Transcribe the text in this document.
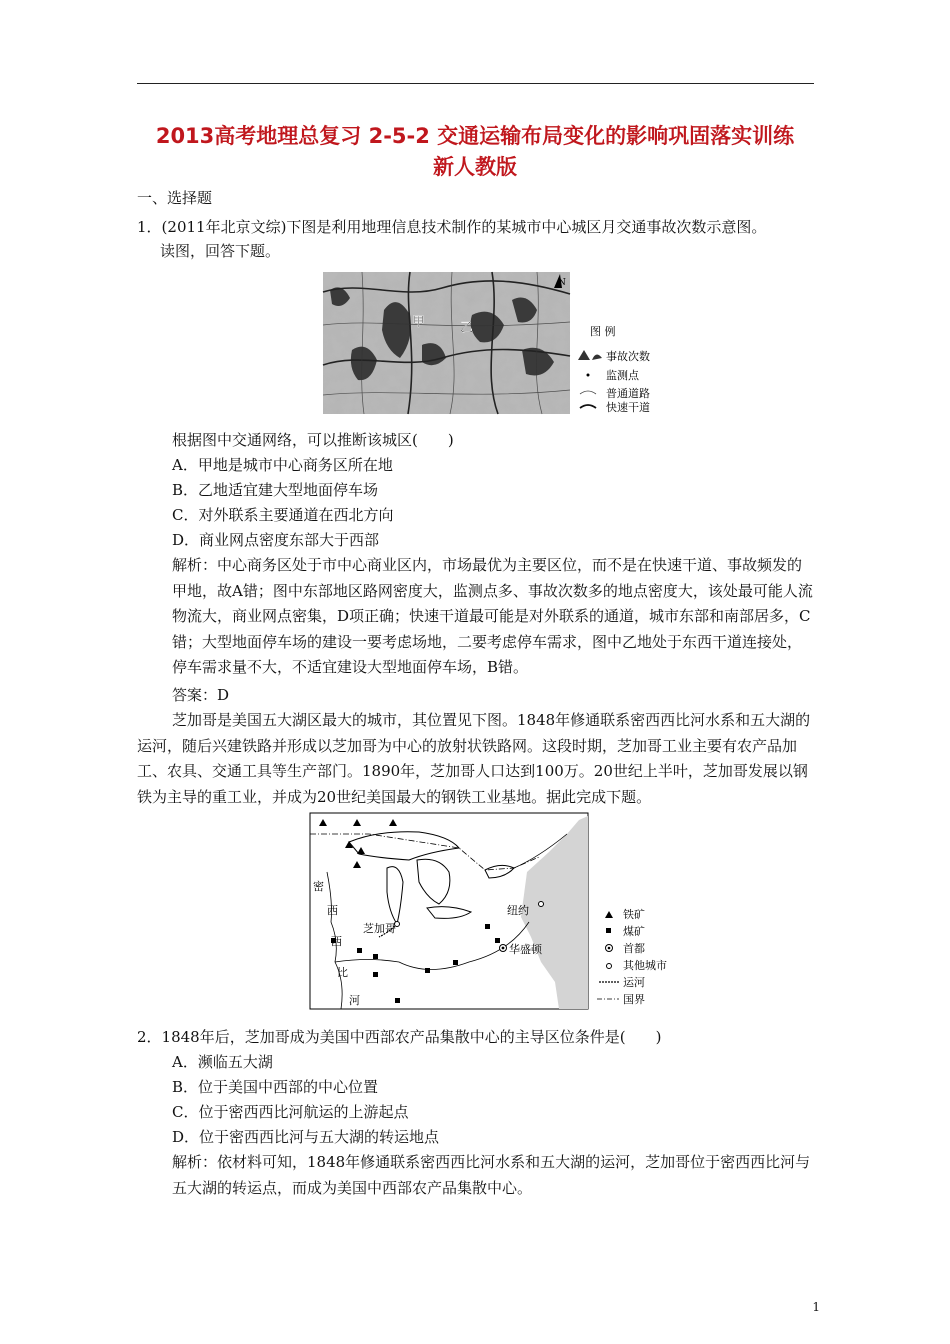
2013高考地理总复习 2-5-2 交通运输布局变化的影响巩固落实训练
新人教版
一、选择题
1．(2011年北京文综)下图是利用地理信息技术制作的某城市中心城区月交通事故次数示意图。
读图，回答下题。
甲	乙
N
图 例
事故次数
监测点
普通道路
快速干道
根据图中交通网络，可以推断该城区(　　)
A．甲地是城市中心商务区所在地
B．乙地适宜建大型地面停车场
C．对外联系主要通道在西北方向
D．商业网点密度东部大于西部
解析：中心商务区处于市中心商业区内，市场最优为主要区位，而不是在快速干道、事故频发的甲地，故A错；图中东部地区路网密度大，监测点多、事故次数多的地点密度大，该处最可能人流物流大，商业网点密集，D项正确；快速干道最可能是对外联系的通道，城市东部和南部居多，C错；大型地面停车场的建设一要考虑场地，二要考虑停车需求，图中乙地处于东西干道连接处，停车需求量不大，不适宜建设大型地面停车场，B错。
答案：D
芝加哥是美国五大湖区最大的城市，其位置见下图。1848年修通联系密西西比河水系和五大湖的运河，随后兴建铁路并形成以芝加哥为中心的放射状铁路网。这段时期，芝加哥工业主要有农产品加工、农具、交通工具等生产部门。1890年，芝加哥人口达到100万。20世纪上半叶，芝加哥发展以钢铁为主导的重工业，并成为20世纪美国最大的钢铁工业基地。据此完成下题。
密
西
西
比
河
芝加哥
纽约
华盛顿
铁矿
煤矿
首都
其他城市
运河
国界
2．1848年后，芝加哥成为美国中西部农产品集散中心的主导区位条件是(　　)
A．濒临五大湖
B．位于美国中西部的中心位置
C．位于密西西比河航运的上游起点
D．位于密西西比河与五大湖的转运地点
解析：依材料可知，1848年修通联系密西西比河水系和五大湖的运河，芝加哥位于密西西比河与五大湖的转运点，而成为美国中西部农产品集散中心。
1
